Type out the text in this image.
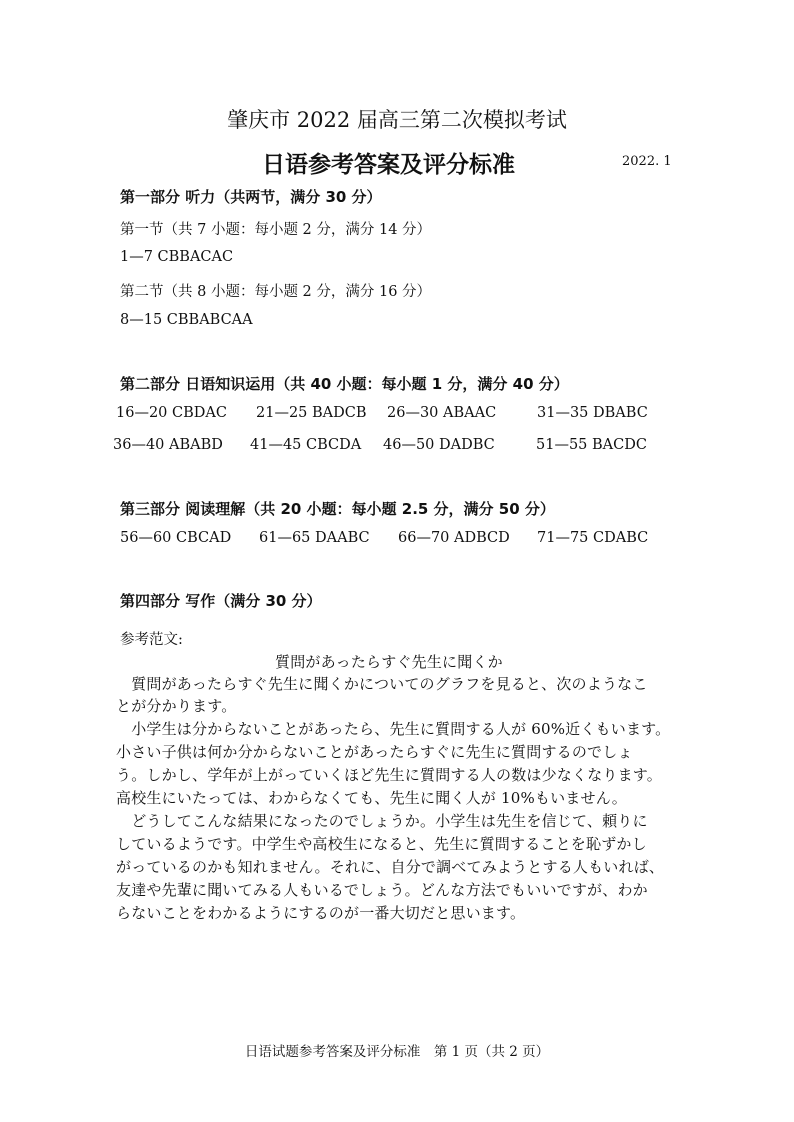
肇庆市 2022 届高三第二次模拟考试
日语参考答案及评分标准	2022. 1
第一部分 听力（共两节，满分 30 分）
第一节（共 7 小题：每小题 2 分，满分 14 分）
1—7 CBBACAC
第二节（共 8 小题：每小题 2 分，满分 16 分）
8—15 CBBABCAA
第二部分 日语知识运用（共 40 小题：每小题 1 分，满分 40 分）
16—20 CBDAC 21—25 BADCB 26—30 ABAAC	31—35 DBABC
36—40 ABABD 41—45 CBCDA 46—50 DADBC	51—55 BACDC
第三部分 阅读理解（共 20 小题：每小题 2.5 分，满分 50 分）
56—60 CBCAD 61—65 DAABC 66—70 ADBCD 71—75 CDABC
第四部分 写作（满分 30 分）
参考范文:
質問があったらすぐ先生に聞くか
　質問があったらすぐ先生に聞くかについてのグラフを見ると、次のようなこ
とが分かります。
　小学生は分からないことがあったら、先生に質問する人が 60%近くもいます。
小さい子供は何か分からないことがあったらすぐに先生に質問するのでしょ
う。しかし、学年が上がっていくほど先生に質問する人の数は少なくなります。
高校生にいたっては、わからなくても、先生に聞く人が 10%もいません。
　どうしてこんな結果になったのでしょうか。小学生は先生を信じて、頼りに
しているようです。中学生や高校生になると、先生に質問することを恥ずかし
がっているのかも知れません。それに、自分で調べてみようとする人もいれば、
友達や先輩に聞いてみる人もいるでしょう。どんな方法でもいいですが、わか
らないことをわかるようにするのが一番大切だと思います。
日语试题参考答案及评分标准　第 1 页（共 2 页）
